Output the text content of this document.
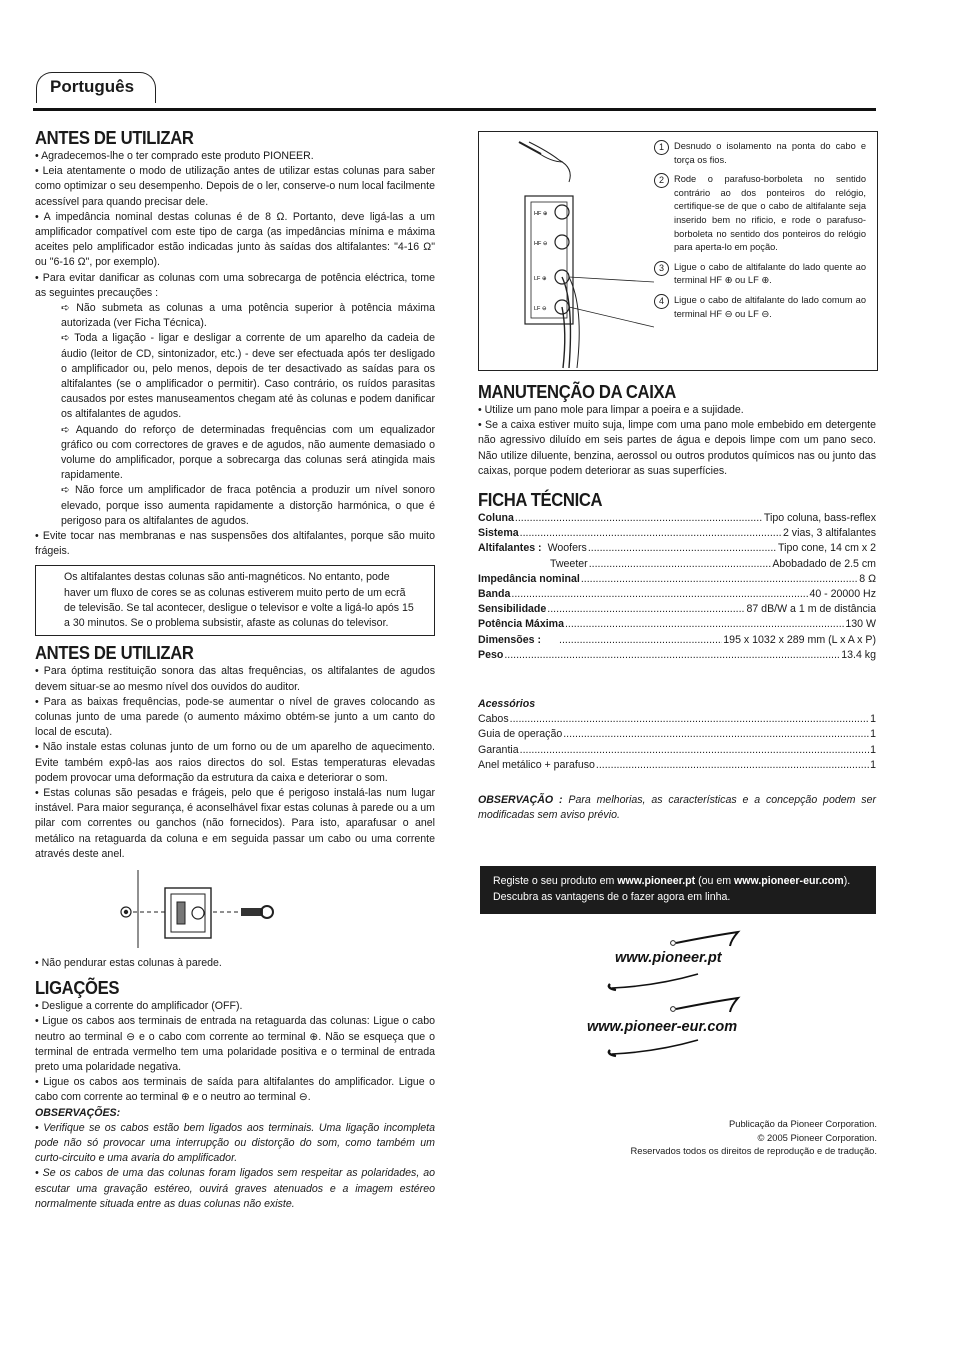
Português
ANTES DE UTILIZAR

• Agradecemos-lhe o ter comprado este produto PIONEER.

• Leia atentamente o modo de utilização antes de utilizar estas colunas para saber como optimizar o seu desempenho. Depois de o ler, conserve-o num local facilmente acessível para quando precisar dele.

• A impedância nominal destas colunas é de 8 Ω. Portanto, deve ligá-las a um amplificador compatível com este tipo de carga (as impedâncias mínima e máxima aceites pelo amplificador estão indicadas junto às saídas dos altifalantes: "4-16 Ω" ou "6-16 Ω", por exemplo).

• Para evitar danificar as colunas com uma sobrecarga de potência eléctrica, tome as seguintes precauções :

➪ Não submeta as colunas a uma potência superior à potência máxima autorizada (ver Ficha Técnica).

➪ Toda a ligação - ligar e desligar a corrente de um aparelho da cadeia de áudio (leitor de CD, sintonizador, etc.) - deve ser efectuada após ter desligado o amplificador ou, pelo menos, depois de ter desactivado as saídas para os altifalantes (se o amplificador o permitir). Caso contrário, os ruídos parasitas causados por estes manuseamentos chegam até às colunas e podem danificar os altifalantes de agudos.

➪ Aquando do reforço de determinadas frequências com um equalizador gráfico ou com correctores de graves e de agudos, não aumente demasiado o volume do amplificador, porque a sobrecarga das colunas será atingida mais rapidamente.

➪ Não force um amplificador de fraca potência a produzir um nível sonoro elevado, porque isso aumenta rapidamente a distorção harmónica, o que é perigoso para os altifalantes de agudos.

• Evite tocar nas membranas e nas suspensões dos altifalantes, porque são muito frágeis.

Os altifalantes destas colunas são anti-magnéticos. No entanto, pode haver um fluxo de cores se as colunas estiverem muito perto de um ecrã de televisão. Se tal acontecer, desligue o televisor e volte a ligá-lo após 15 a 30 minutos. Se o problema subsistir, afaste as colunas do televisor.

ANTES DE UTILIZAR

• Para óptima restituição sonora das altas frequências, os altifalantes de agudos devem situar-se ao mesmo nível dos ouvidos do auditor.

• Para as baixas frequências, pode-se aumentar o nível de graves colocando as colunas junto de uma parede (o aumento máximo obtém-se junto a um canto do local de escuta).

• Não instale estas colunas junto de um forno ou de um aparelho de aquecimento. Evite também expô-las aos raios directos do sol. Estas temperaturas elevadas podem provocar uma deformação da estrutura da caixa e deteriorar o som.

• Estas colunas são pesadas e frágeis, pelo que é perigoso instalá-las num lugar instável. Para maior segurança, é aconselhável fixar estas colunas à parede ou a um pilar com correntes ou ganchos (não fornecidos). Para isto, aparafusar o anel metálico na retaguarda da coluna e em seguida passar um cabo ou uma corrente através deste anel.

• Não pendurar estas colunas à parede.

LIGAÇÕES

• Desligue a corrente do amplificador (OFF).

• Ligue os cabos aos terminais de entrada na retaguarda das colunas: Ligue o cabo neutro ao terminal ⊖ e o cabo com corrente ao terminal ⊕. Não se esqueça que o terminal de entrada vermelho tem uma polaridade positiva e o terminal de entrada preto uma polaridade negativa.

• Ligue os cabos aos terminais de saída para altifalantes do amplificador. Ligue o cabo com corrente ao terminal ⊕ e o neutro ao terminal ⊖.

OBSERVAÇÕES:

• Verifique se os cabos estão bem ligados aos terminais. Uma ligação incompleta pode não só provocar uma interrupção ou distorção do som, como também um curto-circuito e uma avaria do amplificador.

• Se os cabos de uma das colunas foram ligados sem respeitar as polaridades, ao escutar uma gravação estéreo, ouvirá graves atenuados e a imagem estéreo normalmente situada entre as duas colunas não existe.

HF ⊕
HF ⊖
LF ⊕
LF ⊖
1	Desnudo o isolamento na ponta do cabo e torça os fios.
2	Rode o parafuso-borboleta no sentido contrário ao dos ponteiros do relógio, certifique-se de que o cabo de altifalante seja inserido bem no rificio, e rode o parafuso-borboleta no sentido dos ponteiros do relógio para aperta-lo em poção.
3	Ligue o cabo de altifalante do lado quente ao terminal HF ⊕ ou LF ⊕.
4	Ligue o cabo de altifalante do lado comum ao terminal HF ⊖ ou LF ⊖.
MANUTENÇÃO DA CAIXA

• Utilize um pano mole para limpar a poeira e a sujidade.

• Se a caixa estiver muito suja, limpe com uma pano mole embebido em detergente não agressivo diluído em seis partes de água e depois limpe com um pano seco. Não utilize diluente, benzina, aerossol ou outros produtos químicos nas ou junto das caixas, porque podem deteriorar as suas superfícies.

FICHA TÉCNICA
Coluna .....	Tipo coluna, bass-reflex
Sistema .....	2 vias, 3 altifalantes
Altifalantes : Woofers .....	Tipo cone, 14 cm x 2
Tweeter .....	Abobadado de 2.5 cm
Impedância nominal .....	8 Ω
Banda .....	40 - 20000 Hz
Sensibilidade .....	87 dB/W a 1 m de distância
Potência Máxima .....	130 W
Dimensões : .....	195 x 1032 x 289 mm (L x A x P)
Peso .....	13.4 kg

Acessórios

Cabos .....	1
Guia de operação .....	1
Garantia .....	1
Anel metálico + parafuso .....	1

OBSERVAÇÃO : Para melhorias, as características e a concepção podem ser modificadas sem aviso prévio.

Registe o seu produto em www.pioneer.pt (ou em www.pioneer-eur.com).
Descubra as vantagens de o fazer agora em linha.
www.pioneer.pt
www.pioneer-eur.com
Publicação da Pioneer Corporation.
© 2005 Pioneer Corporation.
Reservados todos os direitos de reprodução e de tradução.
